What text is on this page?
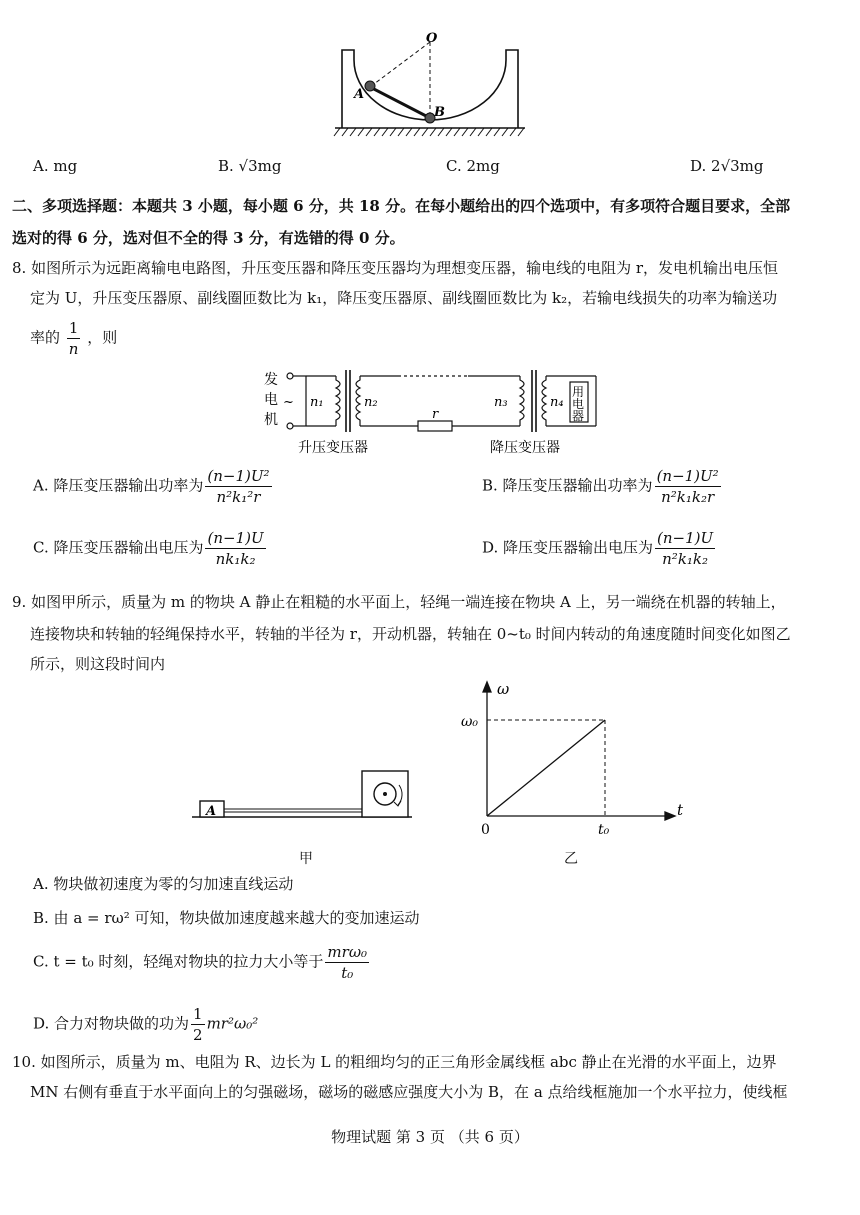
O
A
B
A. mg	B. √3mg	C. 2mg	D. 2√3mg
二、多项选择题：本题共 3 小题，每小题 6 分，共 18 分。在每小题给出的四个选项中，有多项符合题目要求，全部
选对的得 6 分，选对但不全的得 3 分，有选错的得 0 分。
8. 如图所示为远距离输电电路图，升压变压器和降压变压器均为理想变压器，输电线的电阻为 r，发电机输出电压恒
定为 U，升压变压器原、副线圈匝数比为 k₁，降压变压器原、副线圈匝数比为 k₂，若输电线损失的功率为输送功
率的 $\frac{1}{n}$ ，则
发
电
机
~ n₁	n₂	n₃	n₄
r
用
电
器
升压变压器	降压变压器
A. 降压变压器输出功率为 $\frac{\text{(n−1)U²}}{\text{n²k₁²r}}$	B. 降压变压器输出功率为 $\frac{\text{(n−1)U²}}{\text{n²k₁k₂r}}$
C. 降压变压器输出电压为 $\frac{(n-1)U}{\text{nk₁k₂}}$	D. 降压变压器输出电压为 $\frac{(n-1)U}{\text{n²k₁k₂}}$
9. 如图甲所示，质量为 m 的物块 A 静止在粗糙的水平面上，轻绳一端连接在物块 A 上，另一端绕在机器的转轴上，
连接物块和转轴的轻绳保持水平，转轴的半径为 r，开动机器，转轴在 0~t₀ 时间内转动的角速度随时间变化如图乙
所示，则这段时间内
A
甲
ω
t
ω₀
t₀
0
乙
A. 物块做初速度为零的匀加速直线运动
B. 由 a = rω² 可知，物块做加速度越来越大的变加速运动
C. t = t₀ 时刻，轻绳对物块的拉力大小等于 $\frac{\text{mrω₀}}{\text{t₀}}$
D. 合力对物块做的功为 $\frac{1}{2} mr^2\omega_0^2$
10. 如图所示，质量为 m、电阻为 R、边长为 L 的粗细均匀的正三角形金属线框 abc 静止在光滑的水平面上，边界
MN 右侧有垂直于水平面向上的匀强磁场，磁场的磁感应强度大小为 B，在 a 点给线框施加一个水平拉力，使线框
物理试题 第 3 页 （共 6 页）
